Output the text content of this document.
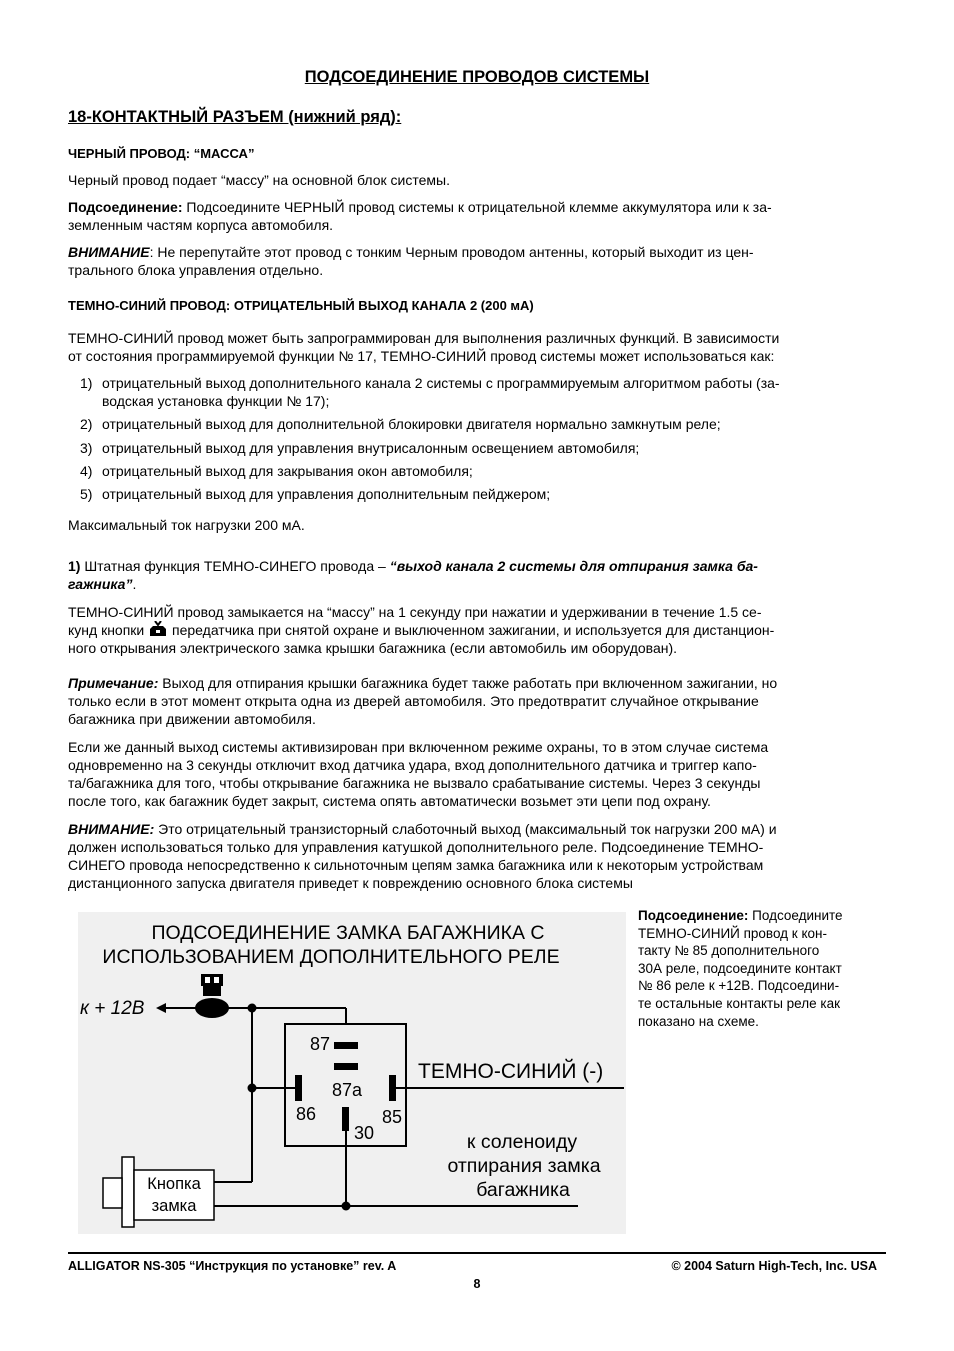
ПОДСОЕДИНЕНИЕ ПРОВОДОВ СИСТЕМЫ
18-КОНТАКТНЫЙ РАЗЪЕМ (нижний ряд):
ЧЕРНЫЙ ПРОВОД: “МАССА”
Черный провод подает “массу” на основной блок системы.
Подсоединение: Подсоедините ЧЕРНЫЙ провод системы к отрицательной клемме аккумулятора или к за-
земленным частям корпуса автомобиля.
ВНИМАНИЕ: Не перепутайте этот провод с тонким Черным проводом антенны, который выходит из цен-
трального блока управления отдельно.
ТЕМНО-СИНИЙ ПРОВОД: ОТРИЦАТЕЛЬНЫЙ ВЫХОД КАНАЛА 2 (200 мА)
ТЕМНО-СИНИЙ провод может быть запрограммирован для выполнения различных функций. В зависимости
от состояния программируемой функции № 17, ТЕМНО-СИНИЙ провод системы может использоваться как:
1) отрицательный выход дополнительного канала 2 системы с программируемым алгоритмом работы (за-
водская установка функции № 17);
2) отрицательный выход для дополнительной блокировки двигателя нормально замкнутым реле;
3) отрицательный выход для управления внутрисалонным освещением автомобиля;
4) отрицательный выход для закрывания окон автомобиля;
5) отрицательный выход для управления дополнительным пейджером;
Максимальный ток нагрузки 200 мА.
1) Штатная функция ТЕМНО-СИНЕГО провода – “выход канала 2 системы для отпирания замка ба-
гажника”.
ТЕМНО-СИНИЙ провод замыкается на “массу” на 1 секунду при нажатии и удерживании в течение 1.5 се-
кунд кнопки  передатчика при снятой охране и выключенном зажигании, и используется для дистанцион-
ного открывания электрического замка крышки багажника (если автомобиль им оборудован).
Примечание: Выход для отпирания крышки багажника будет также работать при включенном зажигании, но
только если в этот момент открыта одна из дверей автомобиля. Это предотвратит случайное открывание
багажника при движении автомобиля.
Если же данный выход системы активизирован при включенном режиме охраны, то в этом случае система
одновременно на 3 секунды отключит вход датчика удара, вход дополнительного датчика и триггер капо-
та/багажника для того, чтобы открывание багажника не вызвало срабатывание системы. Через 3 секунды
после того, как багажник будет закрыт, система опять автоматически возьмет эти цепи под охрану.
ВНИМАНИЕ: Это отрицательный транзисторный слаботочный выход (максимальный ток нагрузки 200 мА) и
должен использоваться только для управления катушкой дополнительного реле. Подсоединение ТЕМНО-
СИНЕГО провода непосредственно к сильноточным цепям замка багажника или к некоторым устройствам
дистанционного запуска двигателя приведет к повреждению основного блока системы
Подсоединение: Подсоедините
ТЕМНО-СИНИЙ провод к кон-
такту № 85 дополнительного
30А реле, подсоедините контакт
№ 86 реле к +12В. Подсоедини-
те остальные контакты реле как
показано на схеме.
ПОДСОЕДИНЕНИЕ ЗАМКА БАГАЖНИКА С
ИСПОЛЬЗОВАНИЕМ ДОПОЛНИТЕЛЬНОГО РЕЛЕ
к + 12В
87
87a
86	85
30
ТЕМНО-СИНИЙ (-)
к соленоиду
отпирания замка
багажника
Кнопка
замка
ALLIGATOR NS-305 “Инструкция по установке” rev. A	© 2004 Saturn High-Tech, Inc. USA
8
